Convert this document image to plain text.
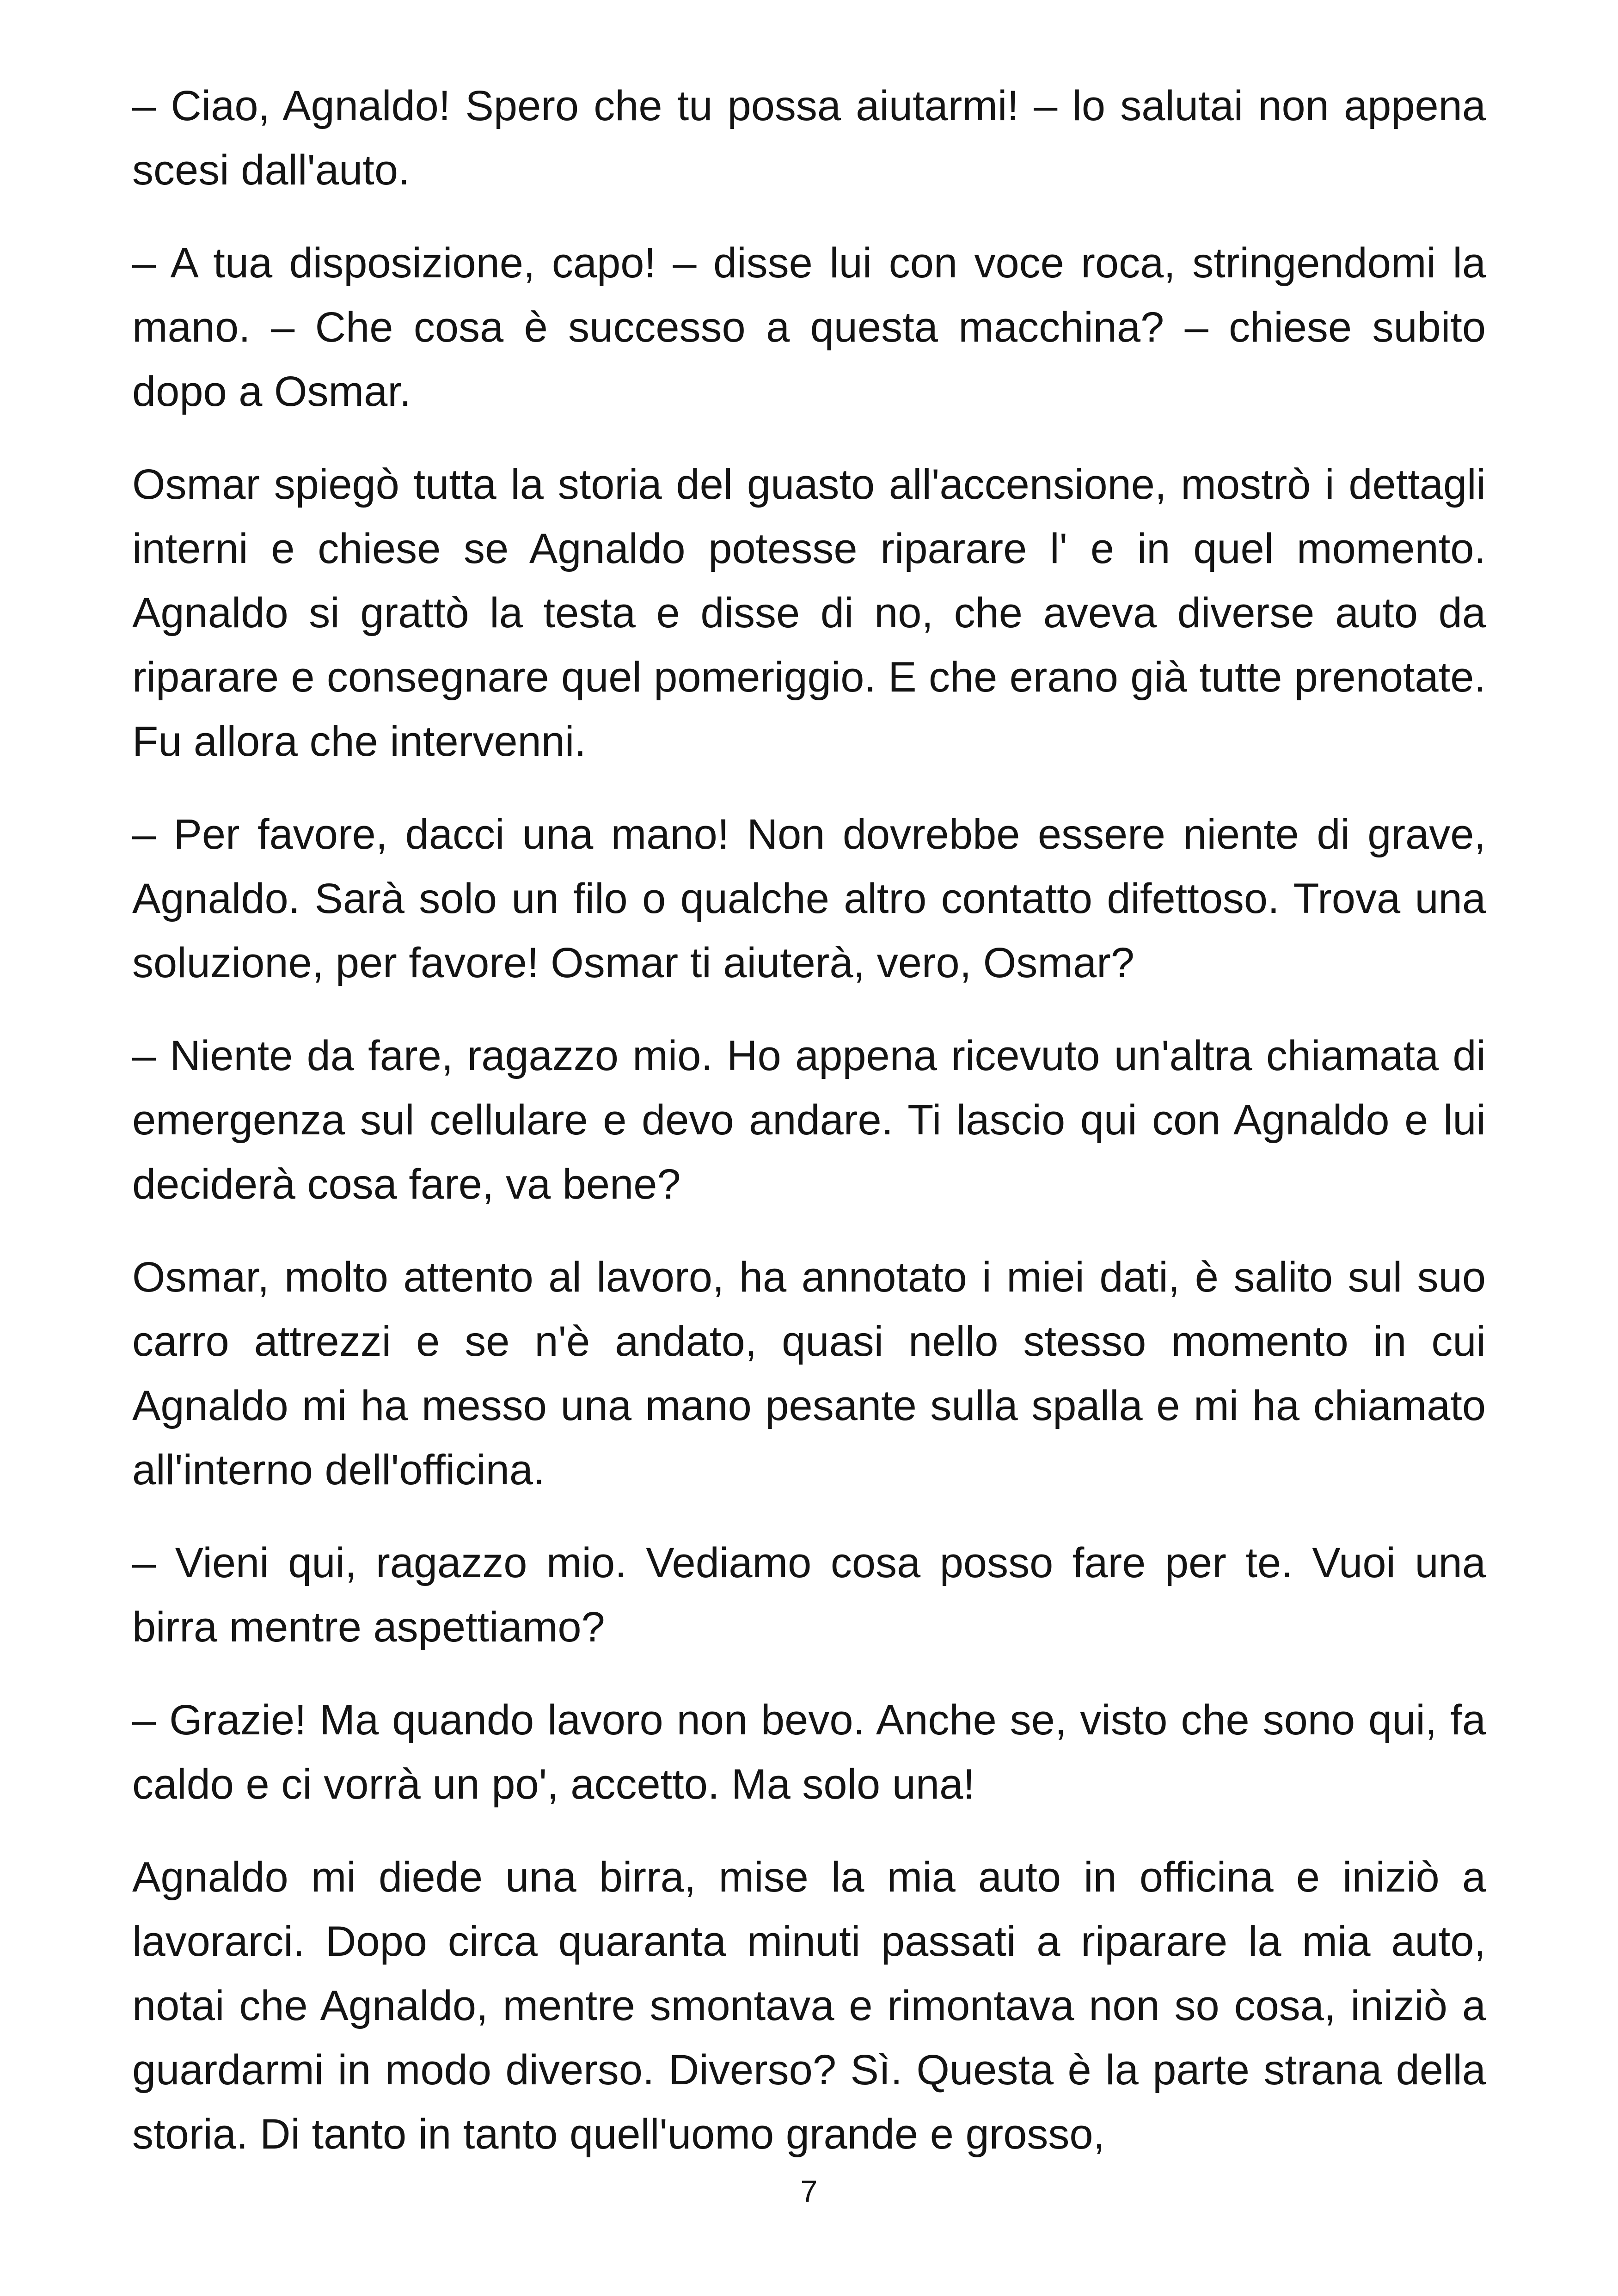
– Ciao, Agnaldo! Spero che tu possa aiutarmi! – lo salutai non appena scesi dall'auto.

– A tua disposizione, capo! – disse lui con voce roca, stringendomi la mano. – Che cosa è successo a questa macchina? – chiese subito dopo a Osmar.

Osmar spiegò tutta la storia del guasto all'accensione, mostrò i dettagli interni e chiese se Agnaldo potesse riparare l' e in quel momento. Agnaldo si grattò la testa e disse di no, che aveva diverse auto da riparare e consegnare quel pomeriggio. E che erano già tutte prenotate. Fu allora che intervenni.

– Per favore, dacci una mano! Non dovrebbe essere niente di grave, Agnaldo. Sarà solo un filo o qualche altro contatto difettoso. Trova una soluzione, per favore! Osmar ti aiuterà, vero, Osmar?

– Niente da fare, ragazzo mio. Ho appena ricevuto un'altra chiamata di emergenza sul cellulare e devo andare. Ti lascio qui con Agnaldo e lui deciderà cosa fare, va bene?

Osmar, molto attento al lavoro, ha annotato i miei dati, è salito sul suo carro attrezzi e se n'è andato, quasi nello stesso momento in cui Agnaldo mi ha messo una mano pesante sulla spalla e mi ha chiamato all'interno dell'officina.

– Vieni qui, ragazzo mio. Vediamo cosa posso fare per te. Vuoi una birra mentre aspettiamo?

– Grazie! Ma quando lavoro non bevo. Anche se, visto che sono qui, fa caldo e ci vorrà un po', accetto. Ma solo una!

Agnaldo mi diede una birra, mise la mia auto in officina e iniziò a lavorarci. Dopo circa quaranta minuti passati a riparare la mia auto, notai che Agnaldo, mentre smontava e rimontava non so cosa, iniziò a guardarmi in modo diverso. Diverso? Sì. Questa è la parte strana della storia. Di tanto in tanto quell'uomo grande e grosso,

7
